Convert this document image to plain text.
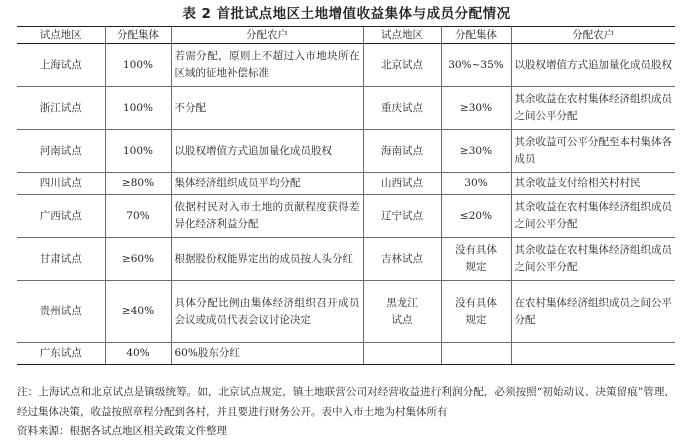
表 2 首批试点地区土地增值收益集体与成员分配情况
试点地区	分配集体	分配农户	试点地区	分配集体	分配农户
上海试点	100%	若需分配，原则上不超过入市地块所在区域的征地补偿标准	北京试点	30%~35%	以股权增值方式追加量化成员股权
浙江试点	100%	不分配	重庆试点	≥30%	其余收益在农村集体经济组织成员之间公平分配
河南试点	100%	以股权增值方式追加量化成员股权	海南试点	≥30%	其余收益可公平分配至本村集体各成员
四川试点	≥80%	集体经济组织成员平均分配	山西试点	30%	其余收益支付给相关村村民
广西试点	70%	依据村民对入市土地的贡献程度获得差异化经济利益分配	辽宁试点	≤20%	其余收益在农村集体经济组织成员之间公平分配
甘肃试点	≥60%	根据股份权能界定出的成员按人头分红	吉林试点	没有具体规定	其余收益在农村集体经济组织成员之间公平分配
贵州试点	≥40%	具体分配比例由集体经济组织召开成员会议或成员代表会议讨论决定	黑龙江试点	没有具体规定	在农村集体经济组织成员之间公平分配
广东试点	40%	60%股东分红			

注：上海试点和北京试点是镇级统筹。如，北京试点规定，镇土地联营公司对经营收益进行利润分配，必须按照“初始动议、决策留痕”管理，经过集体决策，收益按照章程分配到各村，并且要进行财务公开。表中入市土地为村集体所有

资料来源：根据各试点地区相关政策文件整理
